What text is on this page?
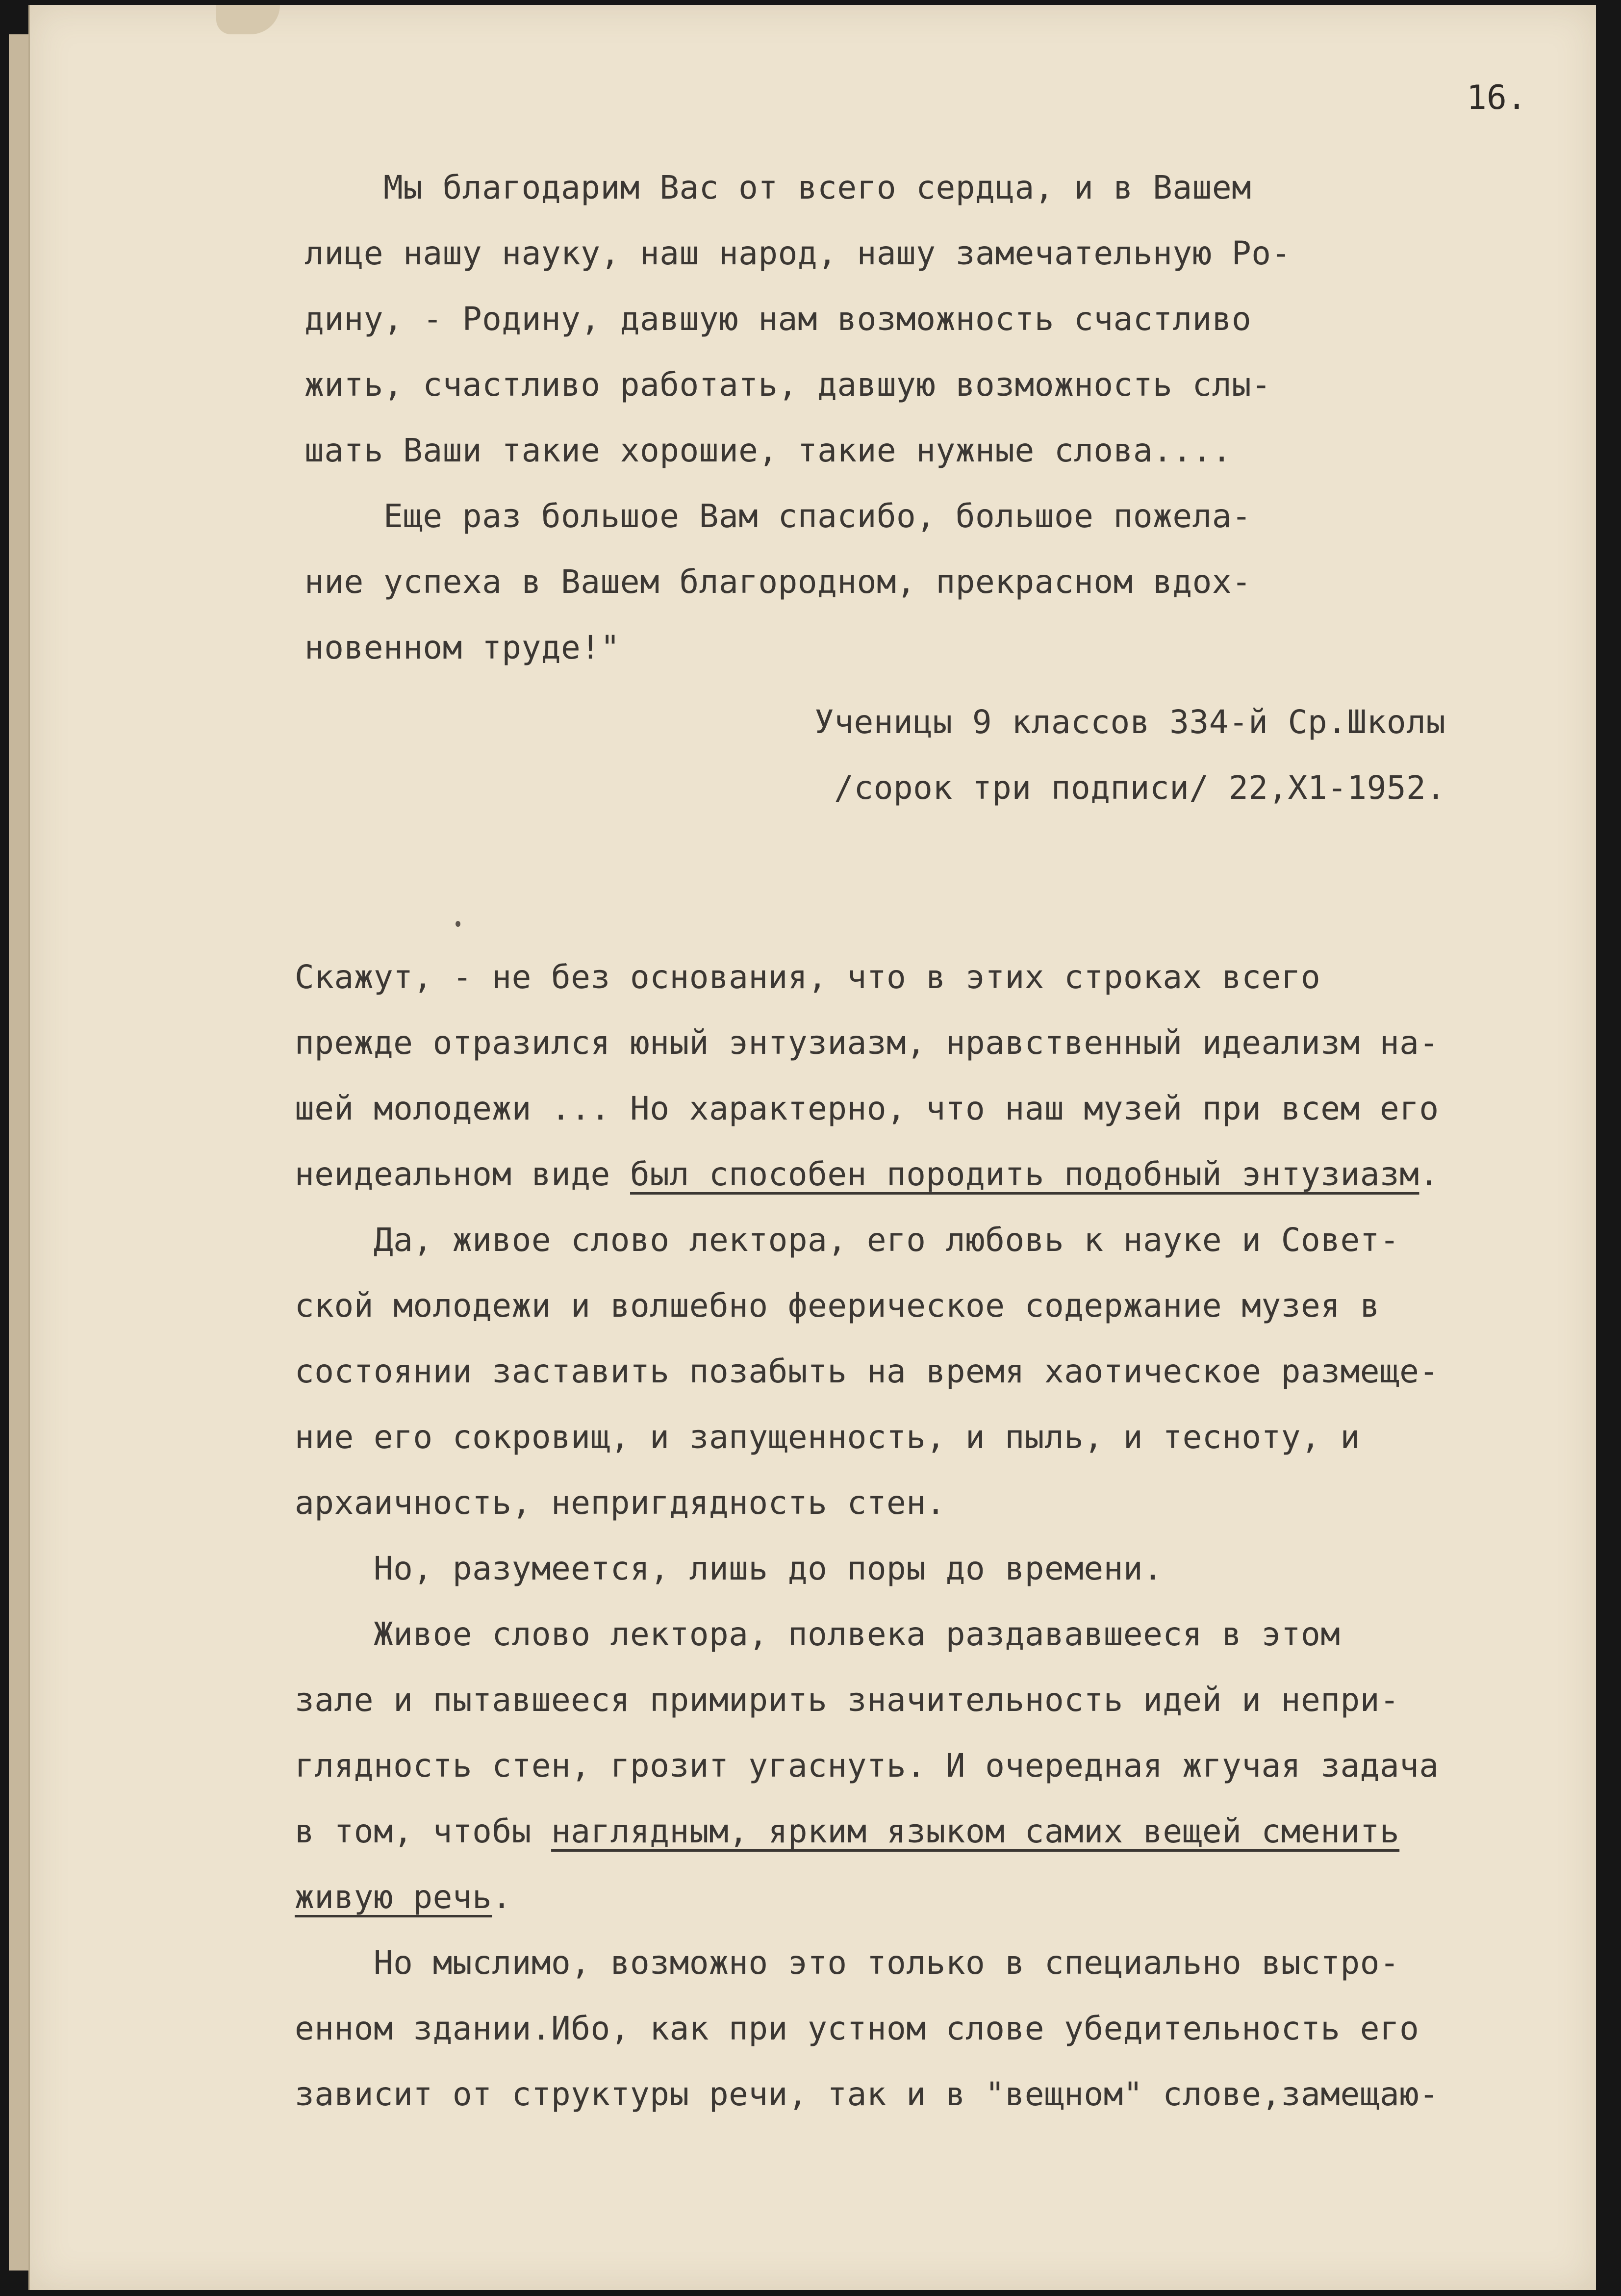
16.

Мы благодарим Вас от всего сердца, и в Вашем
лице нашу науку, наш народ, нашу замечательную Ро-
дину, - Родину, давшую нам возможность счастливо
жить, счастливо работать, давшую возможность слы-
шать Ваши такие хорошие, такие нужные слова....
Еще раз большое Вам спасибо, большое пожела-
ние успеха в Вашем благородном, прекрасном вдох-
новенном труде!"
Ученицы 9 классов 334-й Ср.Школы
/сорок три подписи/ 22,Х1-1952.
Скажут, - не без основания, что в этих строках всего
прежде отразился юный энтузиазм, нравственный идеализм на-
шей молодежи ... Но характерно, что наш музей при всем его
неидеальном виде был способен породить подобный энтузиазм.
Да, живое слово лектора, его любовь к науке и Совет-
ской молодежи и волшебно феерическое содержание музея в
состоянии заставить позабыть на время хаотическое размеще-
ние его сокровищ, и запущенность, и пыль, и тесноту, и
архаичность, непригдядность стен.
Но, разумеется, лишь до поры до времени.
Живое слово лектора, полвека раздававшееся в этом
зале и пытавшееся примирить значительность идей и непри-
глядность стен, грозит угаснуть. И очередная жгучая задача
в том, чтобы наглядным, ярким языком самих вещей сменить
живую речь.
Но мыслимо, возможно это только в специально выстро-
енном здании.Ибо, как при устном слове убедительность его
зависит от структуры речи, так и в "вещном" слове,замещаю-
